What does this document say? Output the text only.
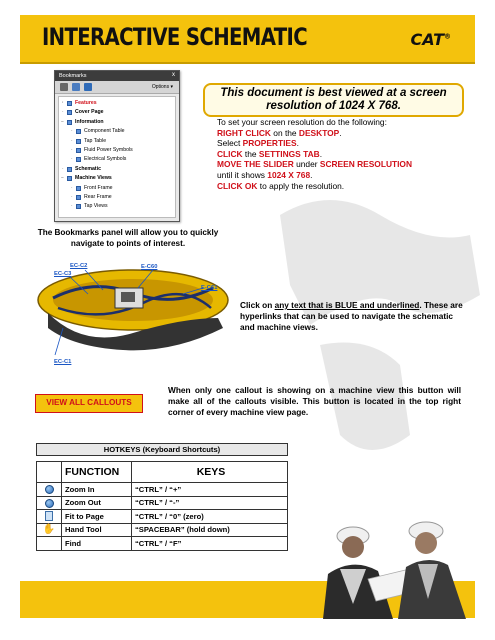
INTERACTIVE SCHEMATIC	CAT®
Bookmarks	x
Options ▾
· Features
· Cover Page
− Information
· Component Table
· Tap Table
· Fluid Power Symbols
· Electrical Symbols
· Schematic
− Machine Views
· Front Frame
· Rear Frame
· Tap Views
The Bookmarks panel will allow you to quickly navigate to points of interest.
This document is best viewed at a screen resolution of 1024 X 768.
To set your screen resolution do the following:
RIGHT CLICK on the DESKTOP.
Select PROPERTIES.
CLICK the SETTINGS TAB.
MOVE THE SLIDER under SCREEN RESOLUTION
until it shows 1024 X 768.
CLICK OK to apply the resolution.
EC-C2
EC-C3
E-C60
E-C61
EC-C1
Click on any text that is BLUE and underlined. These are hyperlinks that can be used to navigate the schematic and machine views.
VIEW ALL CALLOUTS
When only one callout is showing on a machine view this button will make all of the callouts visible. This button is located in the top right corner of every machine view page.
HOTKEYS (Keyboard Shortcuts)
	FUNCTION	KEYS
	Zoom In	“CTRL” / “+”
	Zoom Out	“CTRL” / “-”
	Fit to Page	“CTRL” / “0” (zero)
✋	Hand Tool	“SPACEBAR” (hold down)
	Find	“CTRL” / “F”
